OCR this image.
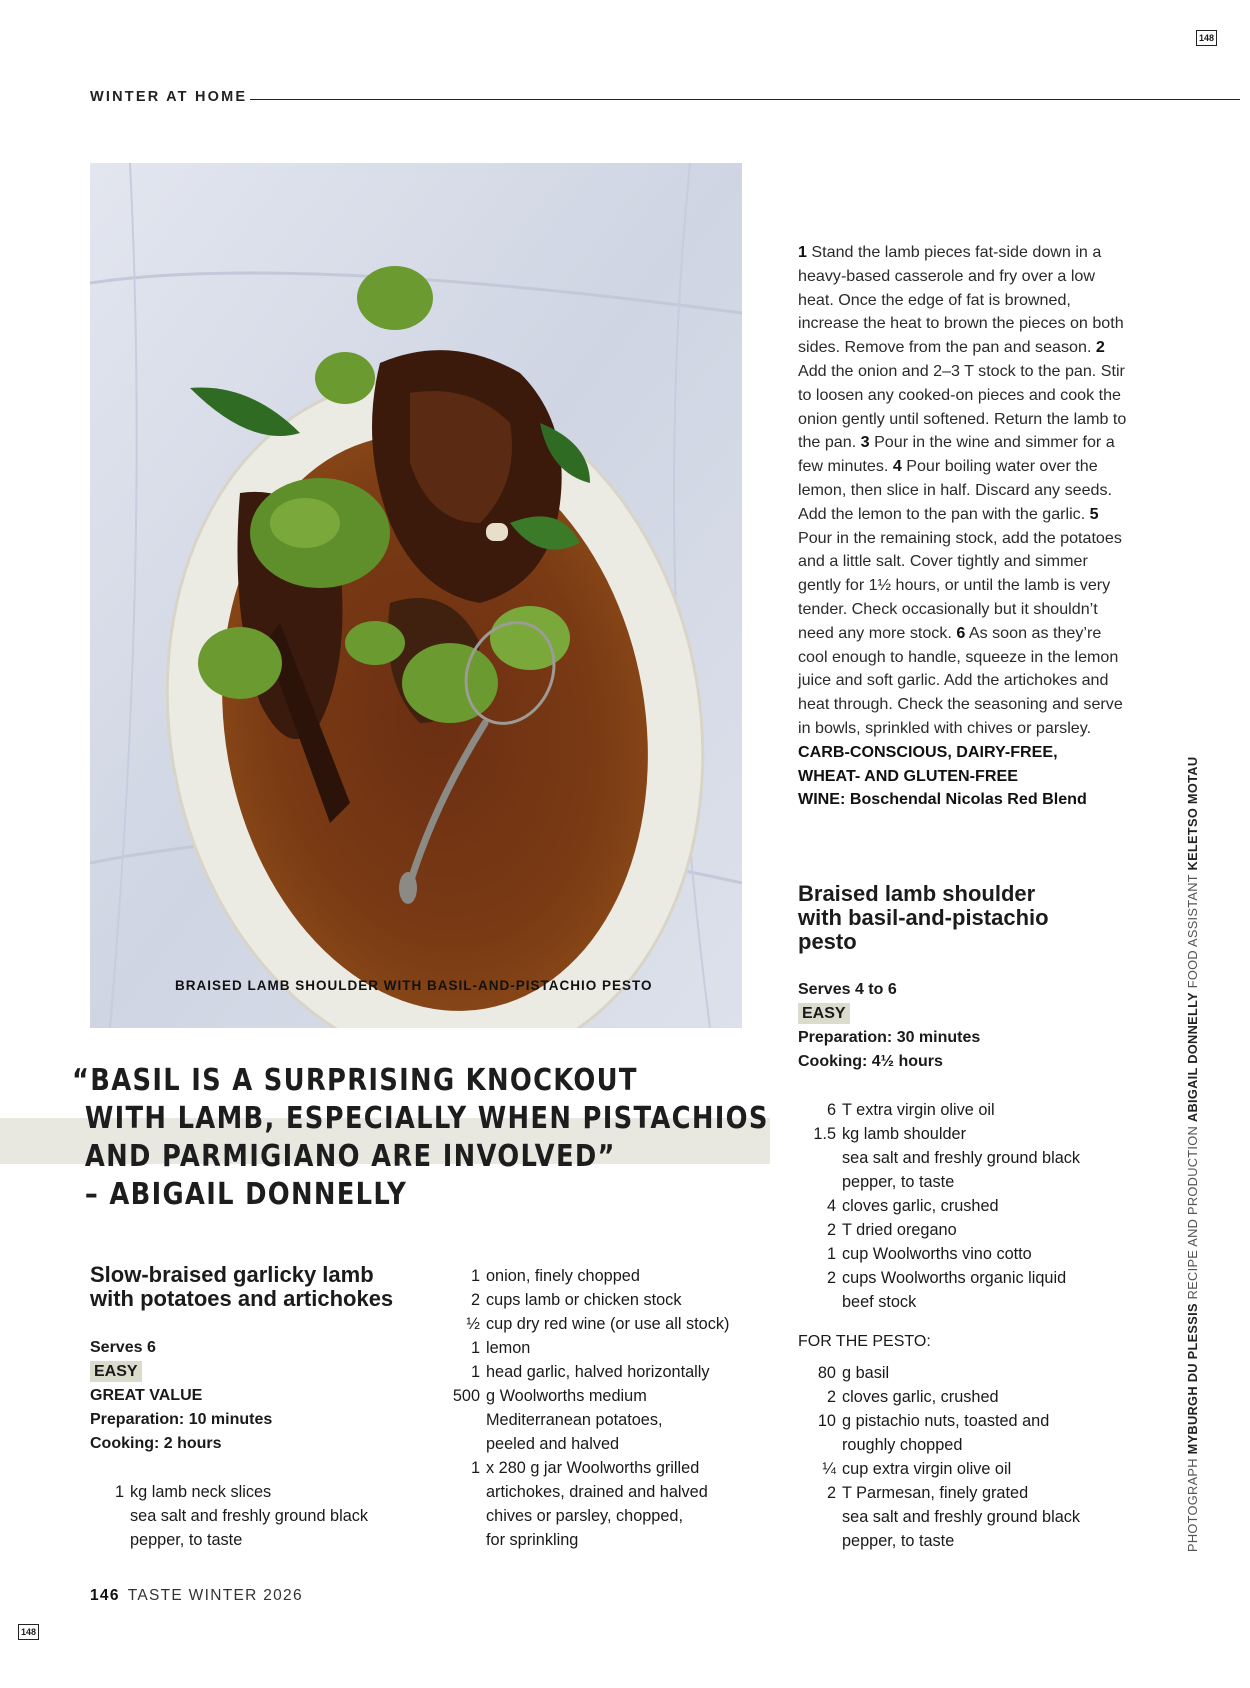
148
148
WINTER AT HOME
BRAISED LAMB SHOULDER WITH BASIL-AND-PISTACHIO PESTO
“BASIL IS A SURPRISING KNOCKOUT
WITH LAMB, ESPECIALLY WHEN PISTACHIOS
AND PARMIGIANO ARE INVOLVED”
– ABIGAIL DONNELLY
Slow-braised garlicky lamb
with potatoes and artichokes
Serves 6
EASY
GREAT VALUE
Preparation: 10 minutes
Cooking: 2 hours
1 kg lamb neck slices
sea salt and freshly ground black
pepper, to taste
1 onion, finely chopped
2 cups lamb or chicken stock
½ cup dry red wine (or use all stock)
1 lemon
1 head garlic, halved horizontally
500 g Woolworths medium
Mediterranean potatoes,
peeled and halved
1 x 280 g jar Woolworths grilled
artichokes, drained and halved
chives or parsley, chopped,
for sprinkling

1 Stand the lamb pieces fat-side down in a heavy-based casserole and fry over a low heat. Once the edge of fat is browned, increase the heat to brown the pieces on both sides. Remove from the pan and season. 2 Add the onion and 2–3 T stock to the pan. Stir to loosen any cooked-on pieces and cook the onion gently until softened. Return the lamb to the pan. 3 Pour in the wine and simmer for a few minutes. 4 Pour boiling water over the lemon, then slice in half. Discard any seeds. Add the lemon to the pan with the garlic. 5 Pour in the remaining stock, add the potatoes and a little salt. Cover tightly and simmer gently for 1½ hours, or until the lamb is very tender. Check occasionally but it shouldn’t need any more stock. 6 As soon as they’re cool enough to handle, squeeze in the lemon juice and soft garlic. Add the artichokes and heat through. Check the seasoning and serve in bowls, sprinkled with chives or parsley.

CARB-CONSCIOUS, DAIRY-FREE,
WHEAT- AND GLUTEN-FREE
WINE: Boschendal Nicolas Red Blend
Braised lamb shoulder
with basil-and-pistachio
pesto
Serves 4 to 6
EASY
Preparation: 30 minutes
Cooking: 4½ hours
6 T extra virgin olive oil
1.5 kg lamb shoulder
sea salt and freshly ground black
pepper, to taste
4 cloves garlic, crushed
2 T dried oregano
1 cup Woolworths vino cotto
2 cups Woolworths organic liquid
beef stock
FOR THE PESTO:
80 g basil
2 cloves garlic, crushed
10 g pistachio nuts, toasted and
roughly chopped
¼ cup extra virgin olive oil
2 T Parmesan, finely grated
sea salt and freshly ground black
pepper, to taste	PHOTOGRAPH MYBURGH DU PLESSIS RECIPE AND PRODUCTION ABIGAIL DONNELLY FOOD ASSISTANT KELETSO MOTAU
146 TASTE WINTER 2026
